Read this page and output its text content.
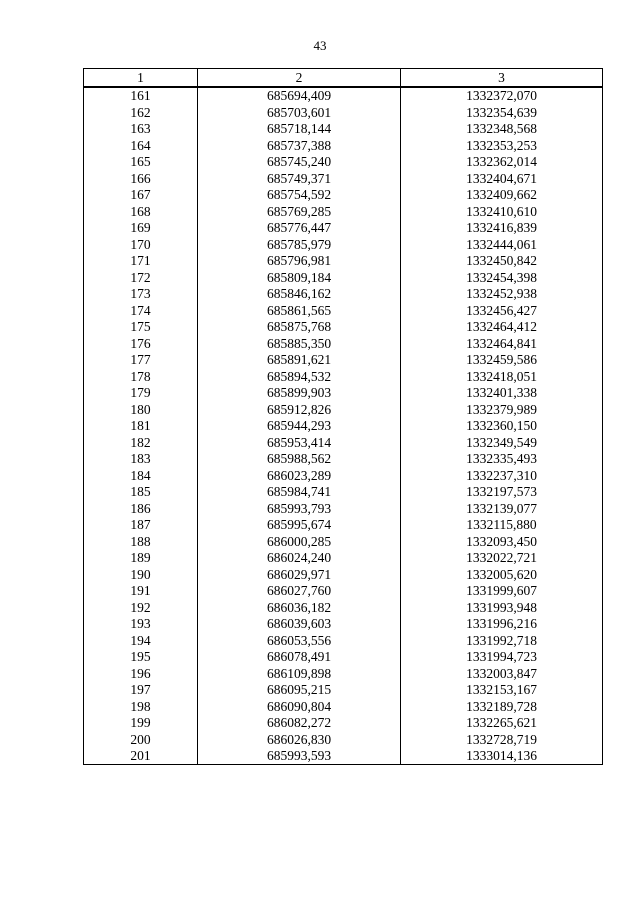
43
1	2	3
161	685694,409	1332372,070
162	685703,601	1332354,639
163	685718,144	1332348,568
164	685737,388	1332353,253
165	685745,240	1332362,014
166	685749,371	1332404,671
167	685754,592	1332409,662
168	685769,285	1332410,610
169	685776,447	1332416,839
170	685785,979	1332444,061
171	685796,981	1332450,842
172	685809,184	1332454,398
173	685846,162	1332452,938
174	685861,565	1332456,427
175	685875,768	1332464,412
176	685885,350	1332464,841
177	685891,621	1332459,586
178	685894,532	1332418,051
179	685899,903	1332401,338
180	685912,826	1332379,989
181	685944,293	1332360,150
182	685953,414	1332349,549
183	685988,562	1332335,493
184	686023,289	1332237,310
185	685984,741	1332197,573
186	685993,793	1332139,077
187	685995,674	1332115,880
188	686000,285	1332093,450
189	686024,240	1332022,721
190	686029,971	1332005,620
191	686027,760	1331999,607
192	686036,182	1331993,948
193	686039,603	1331996,216
194	686053,556	1331992,718
195	686078,491	1331994,723
196	686109,898	1332003,847
197	686095,215	1332153,167
198	686090,804	1332189,728
199	686082,272	1332265,621
200	686026,830	1332728,719
201	685993,593	1333014,136
